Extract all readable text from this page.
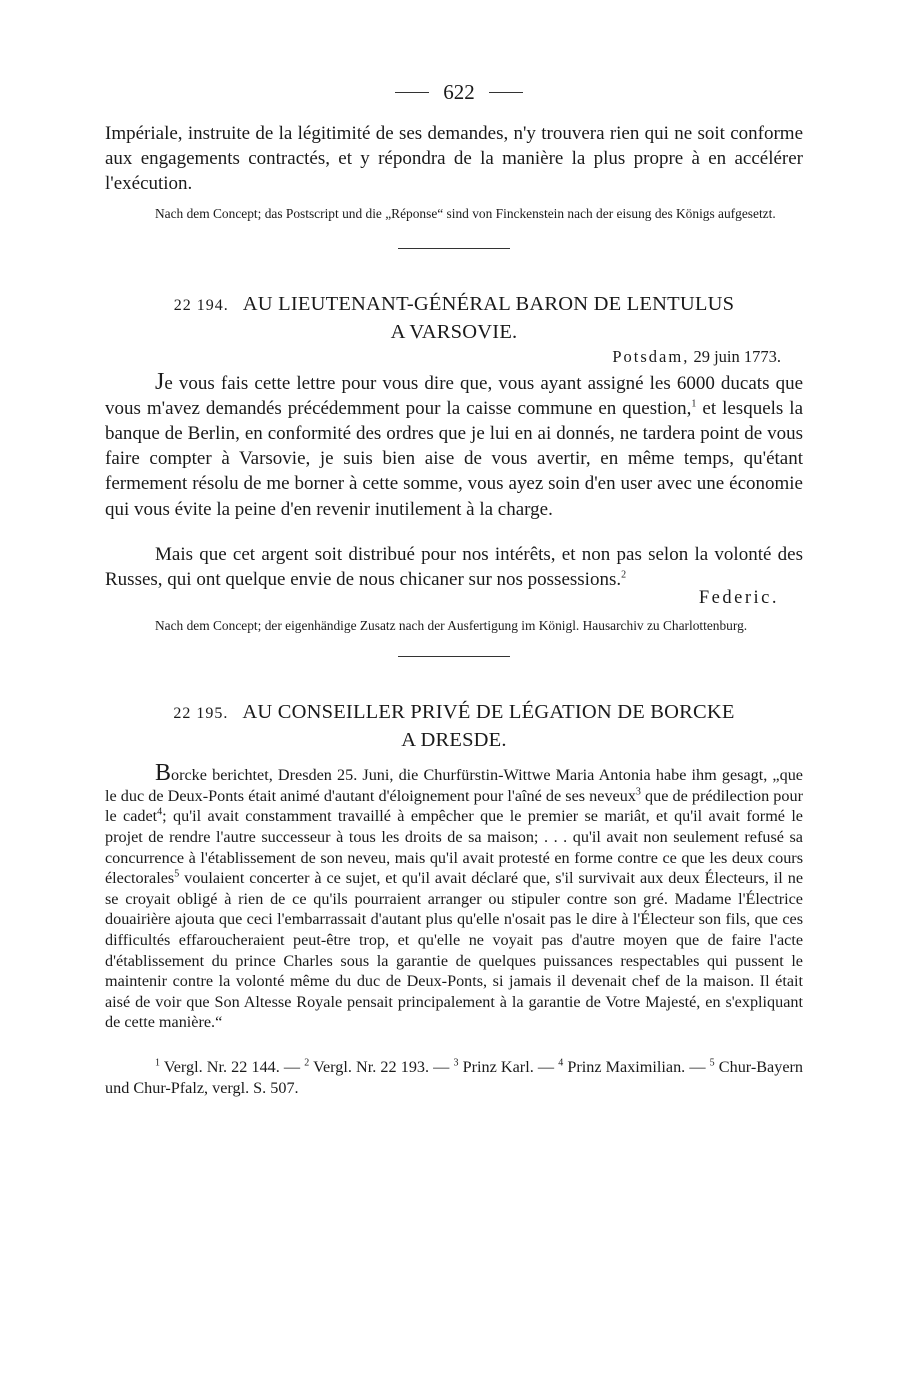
622

Impériale, instruite de la légitimité de ses demandes, n'y trouvera rien qui ne soit conforme aux engagements contractés, et y répondra de la manière la plus propre à en accélérer l'exécution.

Nach dem Concept; das Postscript und die „Réponse“ sind von Finckenstein nach der eisung des Königs aufgesetzt.

22 194. AU LIEUTENANT-GÉNÉRAL BARON DE LENTULUS
A VARSOVIE.
Potsdam, 29 juin 1773.

Je vous fais cette lettre pour vous dire que, vous ayant assigné les 6000 ducats que vous m'avez demandés précédemment pour la caisse commune en question,$^1$ et lesquels la banque de Berlin, en conformité des ordres que je lui en ai donnés, ne tardera point de vous faire compter à Varsovie, je suis bien aise de vous avertir, en même temps, qu'étant fermement résolu de me borner à cette somme, vous ayez soin d'en user avec une économie qui vous évite la peine d'en revenir inutilement à la charge.

Mais que cet argent soit distribué pour nos intérêts, et non pas selon la volonté des Russes, qui ont quelque envie de nous chicaner sur nos possessions.$^2$

Federic.

Nach dem Concept; der eigenhändige Zusatz nach der Ausfertigung im Königl. Hausarchiv zu Charlottenburg.

22 195. AU CONSEILLER PRIVÉ DE LÉGATION DE BORCKE
A DRESDE.

Borcke berichtet, Dresden 25. Juni, die Churfürstin-Wittwe Maria Antonia habe ihm gesagt, „que le duc de Deux-Ponts était animé d'autant d'éloignement pour l'aîné de ses neveux$^3$ que de prédilection pour le cadet$^4$; qu'il avait constamment travaillé à empêcher que le premier se mariât, et qu'il avait formé le projet de rendre l'autre successeur à tous les droits de sa maison; . . . qu'il avait non seulement refusé sa concurrence à l'établissement de son neveu, mais qu'il avait protesté en forme contre ce que les deux cours électorales$^5$ voulaient concerter à ce sujet, et qu'il avait déclaré que, s'il survivait aux deux Électeurs, il ne se croyait obligé à rien de ce qu'ils pourraient arranger ou stipuler contre son gré. Madame l'Électrice douairière ajouta que ceci l'embarrassait d'autant plus qu'elle n'osait pas le dire à l'Électeur son fils, que ces difficultés effaroucheraient peut-être trop, et qu'elle ne voyait pas d'autre moyen que de faire l'acte d'établissement du prince Charles sous la garantie de quelques puissances respectables qui pussent le maintenir contre la volonté même du duc de Deux-Ponts, si jamais il devenait chef de la maison. Il était aisé de voir que Son Altesse Royale pensait principalement à la garantie de Votre Majesté, en s'expliquant de cette manière.“

$^1$ Vergl. Nr. 22 144. — $^2$ Vergl. Nr. 22 193. — $^3$ Prinz Karl. — $^4$ Prinz Maximilian. — $^5$ Chur-Bayern und Chur-Pfalz, vergl. S. 507.
